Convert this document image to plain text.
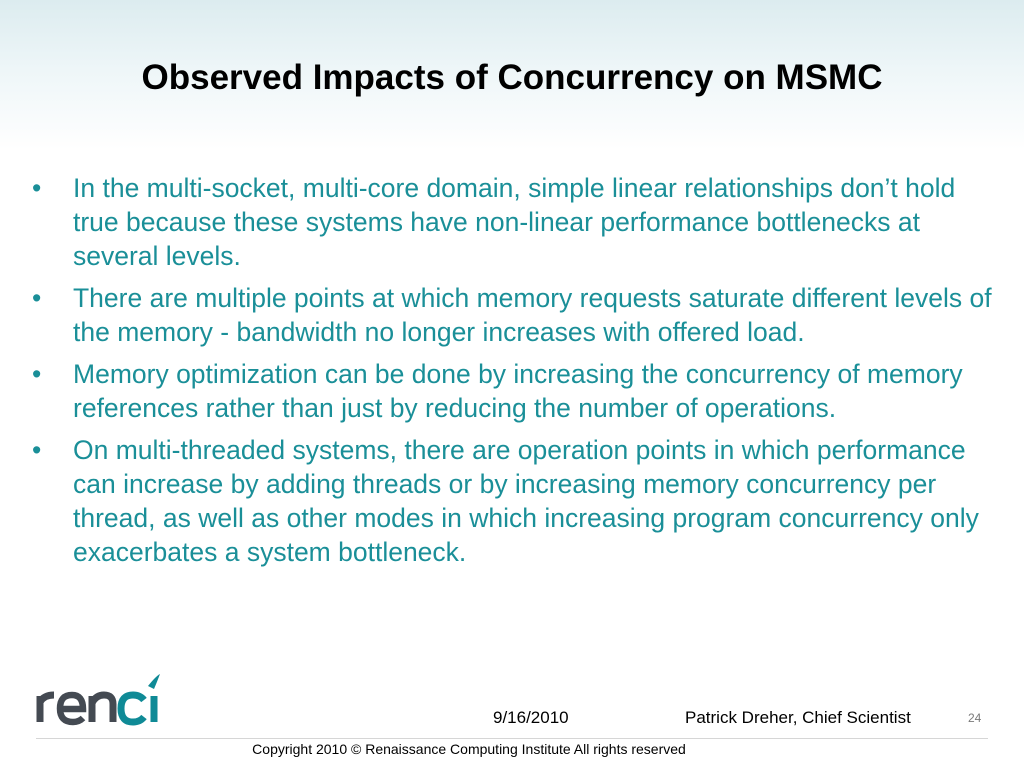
Observed Impacts of Concurrency on MSMC
•	In the multi-socket, multi-core domain, simple linear relationships don’t hold true because these systems have non-linear performance bottlenecks at several levels.
•	There are multiple points at which memory requests saturate different levels of the memory - bandwidth no longer increases with offered load.
•	Memory optimization can be done by increasing the concurrency of memory references rather than just by reducing the number of operations.
•	On multi-threaded systems, there are operation points in which performance can increase by adding threads or by increasing memory concurrency per thread, as well as other modes in which increasing program concurrency only exacerbates a system bottleneck.
9/16/2010	Patrick Dreher, Chief Scientist	24
Copyright 2010 © Renaissance Computing Institute All rights reserved
